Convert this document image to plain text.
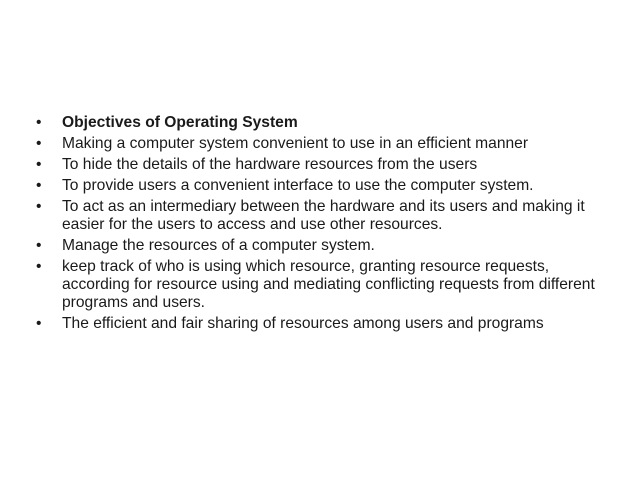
•	Objectives of Operating System
•	Making a computer system convenient to use in an efficient manner
•	To hide the details of the hardware resources from the users
•	To provide users a convenient interface to use the computer system.
•	To act as an intermediary between the hardware and its users and making it easier for the users to access and use other resources.
•	Manage the resources of a computer system.
•	keep track of who is using which resource, granting resource requests, according for resource using and mediating conflicting requests from different programs and users.
•	The efficient and fair sharing of resources among users and programs
